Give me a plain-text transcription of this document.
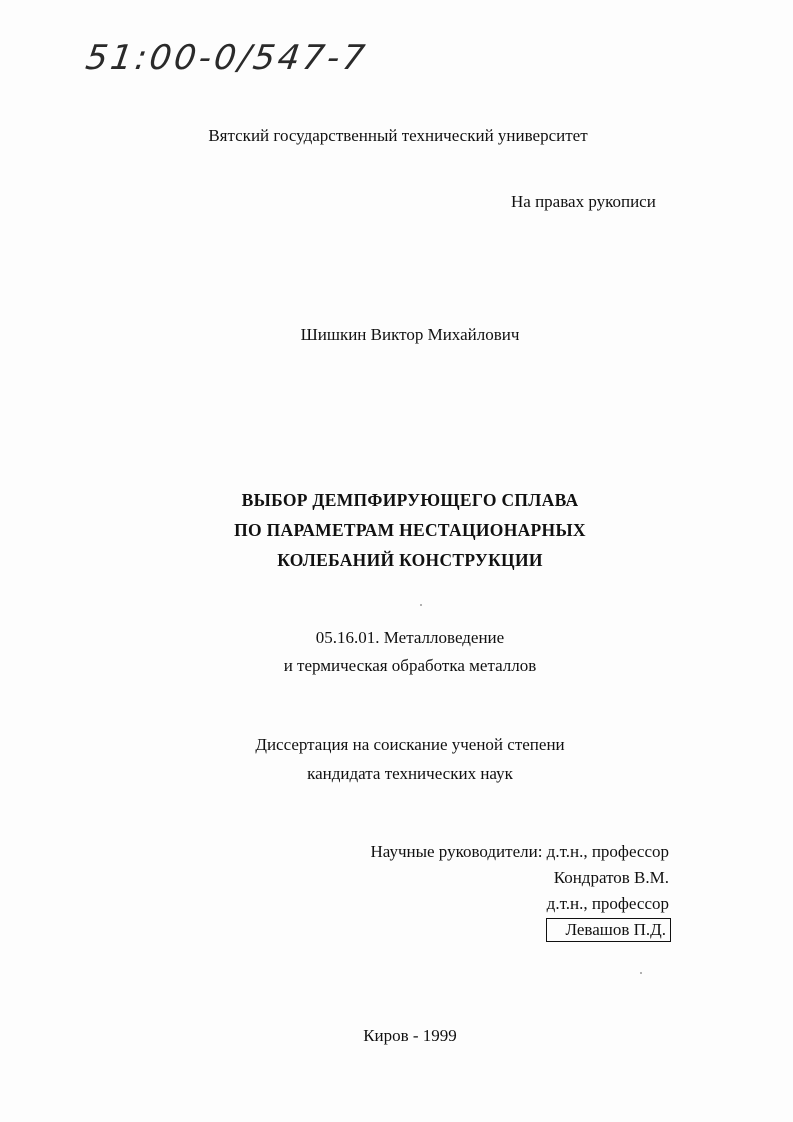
51:00-0/547-7
Вятский государственный технический университет
На правах рукописи
Шишкин Виктор Михайлович
ВЫБОР ДЕМПФИРУЮЩЕГО СПЛАВА
ПО ПАРАМЕТРАМ НЕСТАЦИОНАРНЫХ
КОЛЕБАНИЙ КОНСТРУКЦИИ
05.16.01. Металловедение
и термическая обработка металлов
Диссертация на соискание ученой степени
кандидата технических наук
Научные руководители: д.т.н., профессор
Кондратов В.М.
д.т.н., профессор
Левашов П.Д.
Киров - 1999
